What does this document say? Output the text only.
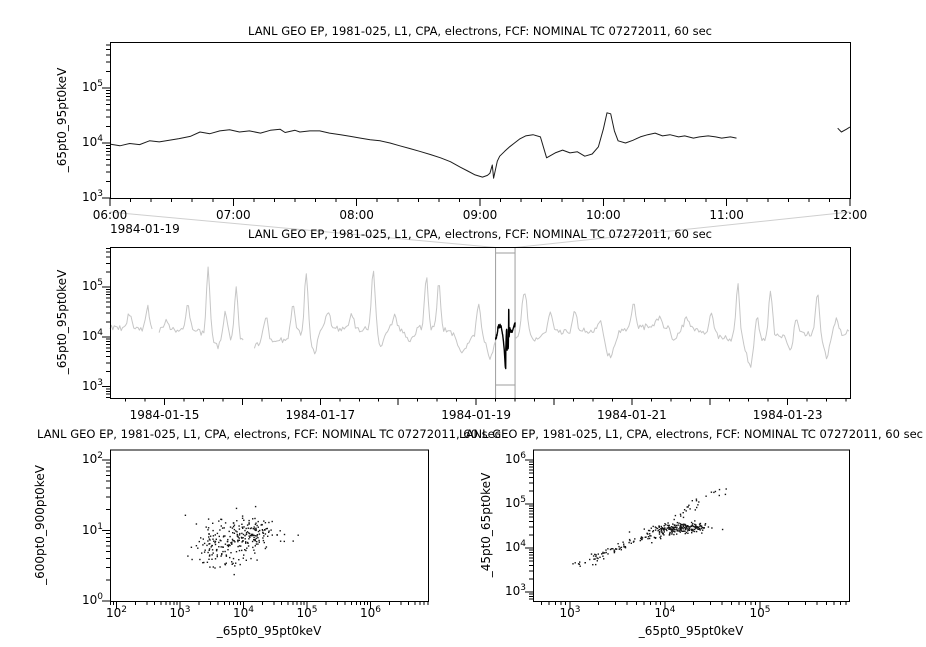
LANL GEO EP, 1981-025, L1, CPA, electrons, FCF: NOMINAL TC 07272011, 60 sec
LANL GEO EP, 1981-025, L1, CPA, electrons, FCF: NOMINAL TC 07272011, 60 sec
LANL GEO EP, 1981-025, L1, CPA, electrons, FCF: NOMINAL TC 07272011, 60 sec
LANL GEO EP, 1981-025, L1, CPA, electrons, FCF: NOMINAL TC 07272011, 60 sec
_65pt0_95pt0keV
_65pt0_95pt0keV
_600pt0_900pt0keV	_45pt0_65pt0keV
_65pt0_95pt0keV	_65pt0_95pt0keV
1984-01-19
$10^3$
$10^4$
$10^5$
06:00	07:00	08:00	09:00	10:00	11:00	12:00
$10^3$
$10^4$
$10^5$
1984-01-15	1984-01-17	1984-01-19	1984-01-21	1984-01-23
$10^0$
$10^1$
$10^2$
$10^2$	$10^3$	$10^4$	$10^5$	$10^6$
$10^3$
$10^4$
$10^5$
$10^6$
$10^3$	$10^4$	$10^5$
